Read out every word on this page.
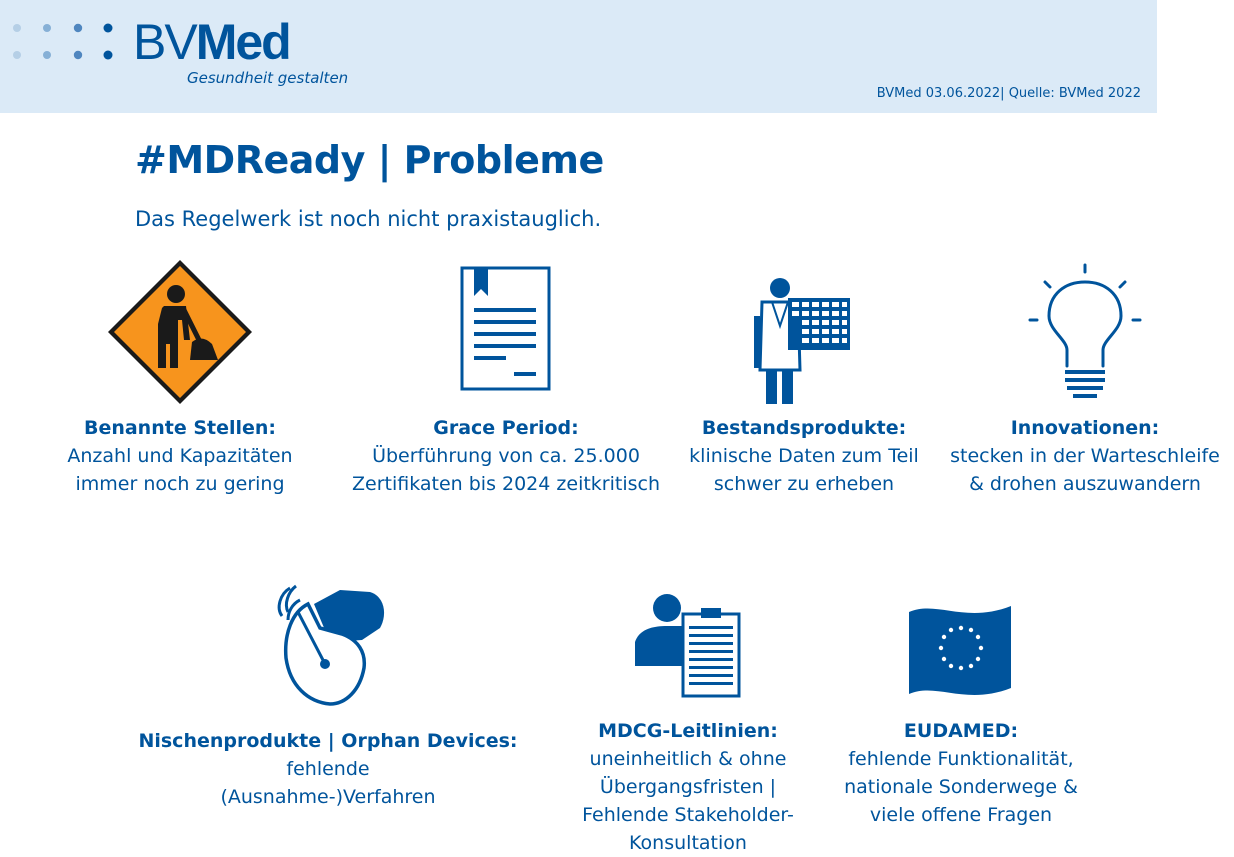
BVMed
Gesundheit gestalten
BVMed 03.06.2022| Quelle: BVMed 2022
#MDReady | Probleme
Das Regelwerk ist noch nicht praxistauglich.
Benannte Stellen:
Anzahl und Kapazitäten
immer noch zu gering
Grace Period:
Überführung von ca. 25.000
Zertifikaten bis 2024 zeitkritisch
Bestandsprodukte:
klinische Daten zum Teil
schwer zu erheben
Innovationen:
stecken in der Warteschleife
& drohen auszuwandern
Nischenprodukte | Orphan Devices:
fehlende
(Ausnahme-)Verfahren
MDCG-Leitlinien:
uneinheitlich & ohne
Übergangsfristen |
Fehlende Stakeholder-
Konsultation
EUDAMED:
fehlende Funktionalität,
nationale Sonderwege &
viele offene Fragen
